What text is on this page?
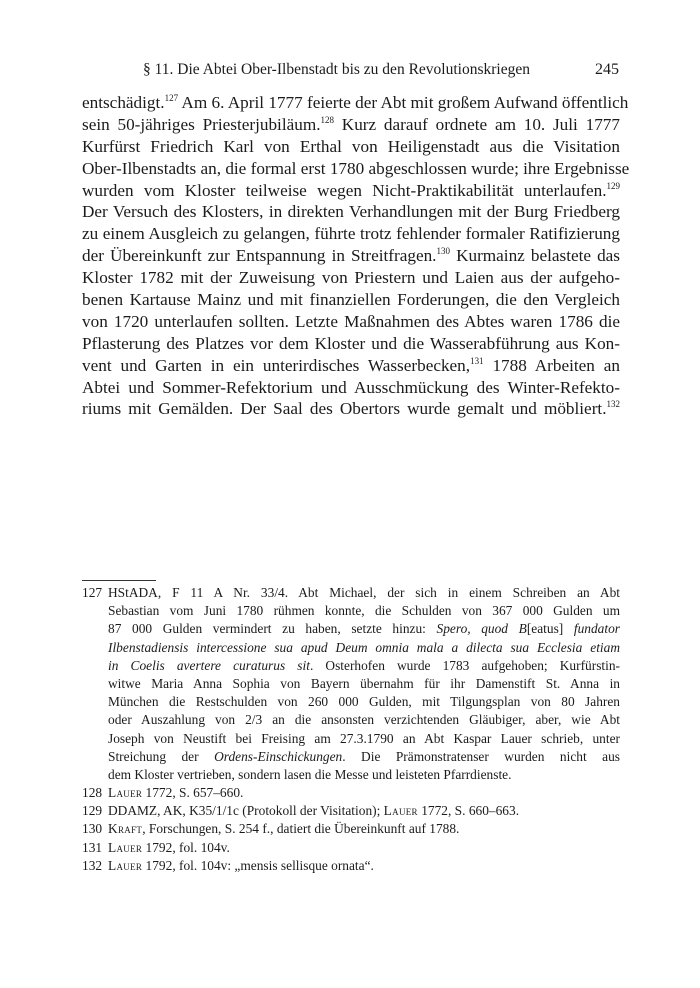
§ 11. Die Abtei Ober-Ilbenstadt bis zu den Revolutionskriegen	245
entschädigt.$^{127}$ Am 6. April 1777 feierte der Abt mit großem Aufwand öffentlich
sein 50-jähriges Priesterjubiläum.$^{128}$ Kurz darauf ordnete am 10. Juli 1777
Kurfürst Friedrich Karl von Erthal von Heiligenstadt aus die Visitation
Ober-Ilbenstadts an, die formal erst 1780 abgeschlossen wurde; ihre Ergebnisse
wurden vom Kloster teilweise wegen Nicht-Praktikabilität unterlaufen.$^{129}$
Der Versuch des Klosters, in direkten Verhandlungen mit der Burg Friedberg
zu einem Ausgleich zu gelangen, führte trotz fehlender formaler Ratifizierung
der Übereinkunft zur Entspannung in Streitfragen.$^{130}$ Kurmainz belastete das
Kloster 1782 mit der Zuweisung von Priestern und Laien aus der aufgeho-
benen Kartause Mainz und mit finanziellen Forderungen, die den Vergleich
von 1720 unterlaufen sollten. Letzte Maßnahmen des Abtes waren 1786 die
Pflasterung des Platzes vor dem Kloster und die Wasserabführung aus Kon-
vent und Garten in ein unterirdisches Wasserbecken,$^{131}$ 1788 Arbeiten an
Abtei und Sommer-Refektorium und Ausschmückung des Winter-Refekto-
riums mit Gemälden. Der Saal des Obertors wurde gemalt und möbliert.$^{132}$
127 HStADA, F 11 A Nr. 33/4. Abt Michael, der sich in einem Schreiben an Abt
Sebastian vom Juni 1780 rühmen konnte, die Schulden von 367 000 Gulden um
87 000 Gulden vermindert zu haben, setzte hinzu: Spero, quod B[eatus] fundator
Ilbenstadiensis intercessione sua apud Deum omnia mala a dilecta sua Ecclesia etiam
in Coelis avertere curaturus sit. Osterhofen wurde 1783 aufgehoben; Kurfürstin-
witwe Maria Anna Sophia von Bayern übernahm für ihr Damenstift St. Anna in
München die Restschulden von 260 000 Gulden, mit Tilgungsplan von 80 Jahren
oder Auszahlung von 2/3 an die ansonsten verzichtenden Gläubiger, aber, wie Abt
Joseph von Neustift bei Freising am 27.3.1790 an Abt Kaspar Lauer schrieb, unter
Streichung der Ordens-Einschickungen. Die Prämonstratenser wurden nicht aus
dem Kloster vertrieben, sondern lasen die Messe und leisteten Pfarrdienste.
128 Lauer 1772, S. 657–660.
129 DDAMZ, AK, K35/1/1c (Protokoll der Visitation); Lauer 1772, S. 660–663.
130 Kraft, Forschungen, S. 254 f., datiert die Übereinkunft auf 1788.
131 Lauer 1792, fol. 104v.
132 Lauer 1792, fol. 104v: „mensis sellisque ornata“.
